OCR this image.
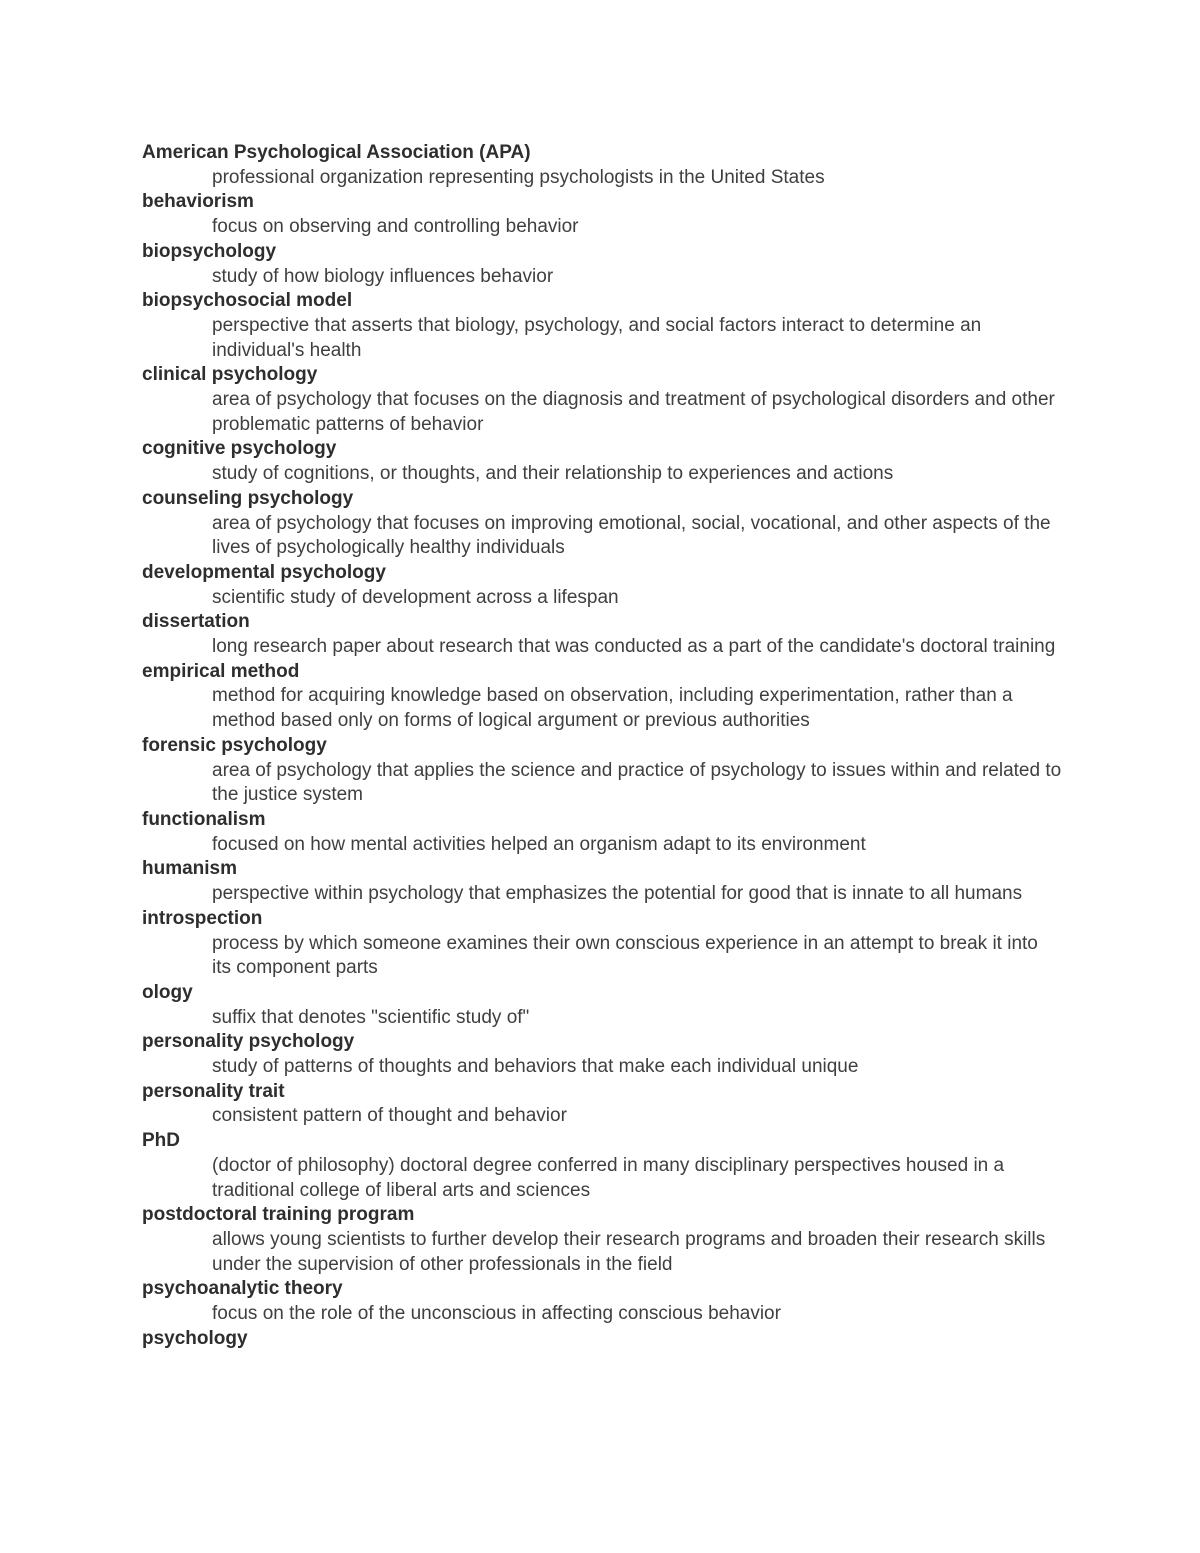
American Psychological Association (APA)
professional organization representing psychologists in the United States
behaviorism
focus on observing and controlling behavior
biopsychology
study of how biology influences behavior
biopsychosocial model
perspective that asserts that biology, psychology, and social factors interact to determine an individual's health
clinical psychology
area of psychology that focuses on the diagnosis and treatment of psychological disorders and other problematic patterns of behavior
cognitive psychology
study of cognitions, or thoughts, and their relationship to experiences and actions
counseling psychology
area of psychology that focuses on improving emotional, social, vocational, and other aspects of the lives of psychologically healthy individuals
developmental psychology
scientific study of development across a lifespan
dissertation
long research paper about research that was conducted as a part of the candidate's doctoral training
empirical method
method for acquiring knowledge based on observation, including experimentation, rather than a method based only on forms of logical argument or previous authorities
forensic psychology
area of psychology that applies the science and practice of psychology to issues within and related to the justice system
functionalism
focused on how mental activities helped an organism adapt to its environment
humanism
perspective within psychology that emphasizes the potential for good that is innate to all humans
introspection
process by which someone examines their own conscious experience in an attempt to break it into its component parts
ology
suffix that denotes "scientific study of"
personality psychology
study of patterns of thoughts and behaviors that make each individual unique
personality trait
consistent pattern of thought and behavior
PhD
(doctor of philosophy) doctoral degree conferred in many disciplinary perspectives housed in a traditional college of liberal arts and sciences
postdoctoral training program
allows young scientists to further develop their research programs and broaden their research skills under the supervision of other professionals in the field
psychoanalytic theory
focus on the role of the unconscious in affecting conscious behavior
psychology
